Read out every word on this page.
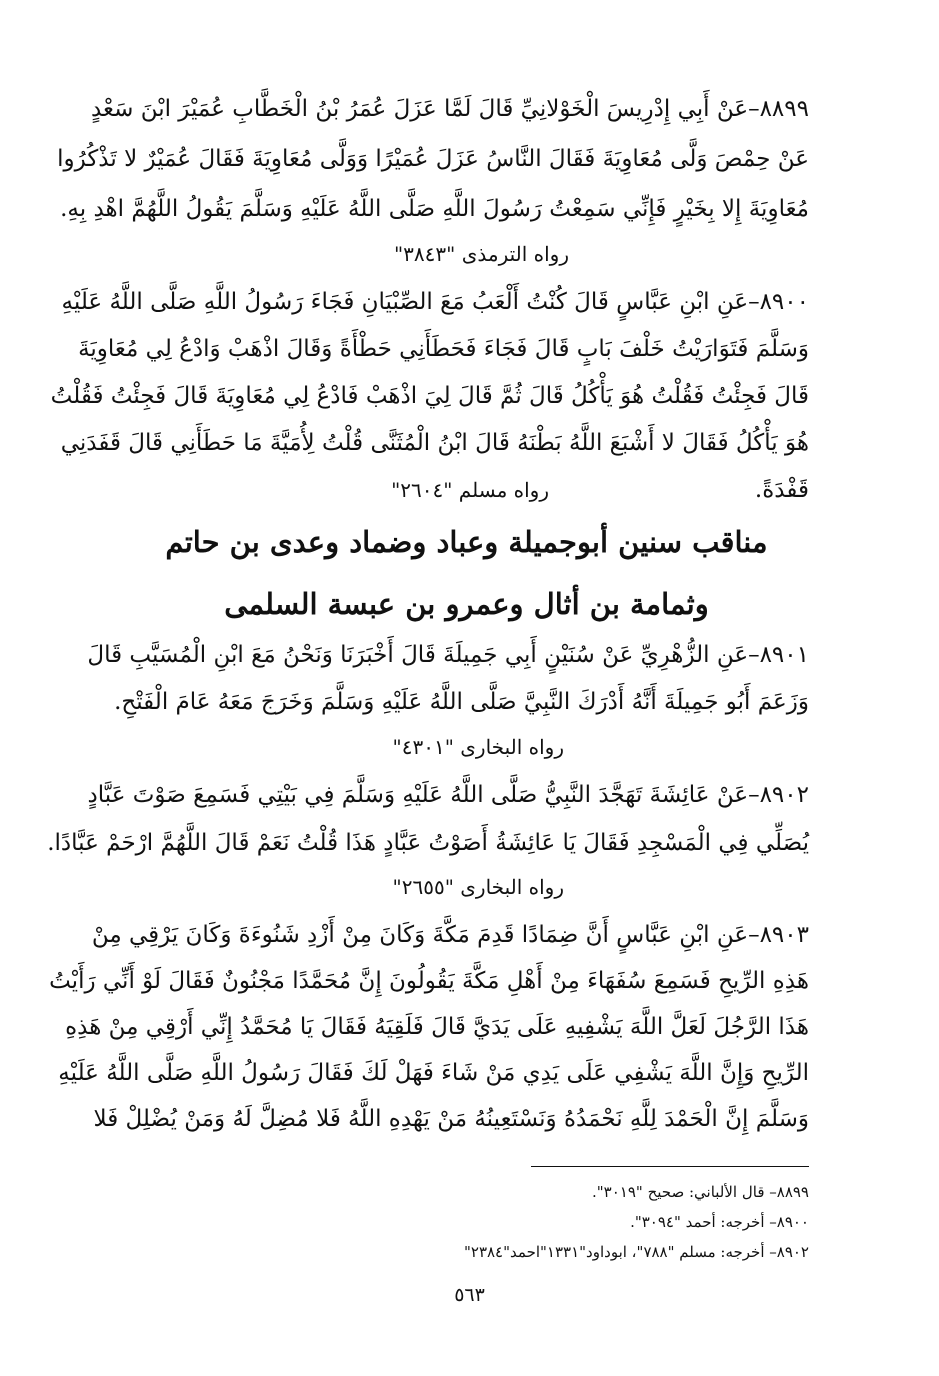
٨٨٩٩–عَنْ أَبِي إِدْرِيسَ الْخَوْلانِيِّ قَالَ لَمَّا عَزَلَ عُمَرُ بْنُ الْخَطَّابِ عُمَيْرَ ابْنَ سَعْدٍ
عَنْ حِمْصَ وَلَّى مُعَاوِيَةَ فَقَالَ النَّاسُ عَزَلَ عُمَيْرًا وَوَلَّى مُعَاوِيَةَ فَقَالَ عُمَيْرٌ لا تَذْكُرُوا
مُعَاوِيَةَ إِلا بِخَيْرٍ فَإِنِّي سَمِعْتُ رَسُولَ اللَّهِ صَلَّى اللَّهُ عَلَيْهِ وَسَلَّمَ يَقُولُ اللَّهُمَّ اهْدِ بِهِ.
رواه الترمذى "٣٨٤٣"
٨٩٠٠–عَنِ ابْنِ عَبَّاسٍ قَالَ كُنْتُ أَلْعَبُ مَعَ الصِّبْيَانِ فَجَاءَ رَسُولُ اللَّهِ صَلَّى اللَّهُ عَلَيْهِ
وَسَلَّمَ فَتَوَارَيْتُ خَلْفَ بَابٍ قَالَ فَجَاءَ فَحَطَأَنِي حَطْأَةً وَقَالَ اذْهَبْ وَادْعُ لِي مُعَاوِيَةَ
قَالَ فَجِئْتُ فَقُلْتُ هُوَ يَأْكُلُ قَالَ ثُمَّ قَالَ لِيَ اذْهَبْ فَادْعُ لِي مُعَاوِيَةَ قَالَ فَجِئْتُ فَقُلْتُ
هُوَ يَأْكُلُ فَقَالَ لا أَشْبَعَ اللَّهُ بَطْنَهُ قَالَ ابْنُ الْمُثَنَّى قُلْتُ لِأُمَيَّةَ مَا حَطَأَنِي قَالَ قَفَدَنِي
قَفْدَةً.
رواه مسلم "٢٦٠٤"
مناقب سنين أبوجميلة وعباد وضماد وعدى بن حاتم
وثمامة بن أثال وعمرو بن عبسة السلمى
٨٩٠١–عَنِ الزُّهْرِيِّ عَنْ سُنَيْنٍ أَبِي جَمِيلَةَ قَالَ أَخْبَرَنَا وَنَحْنُ مَعَ ابْنِ الْمُسَيَّبِ قَالَ
وَزَعَمَ أَبُو جَمِيلَةَ أَنَّهُ أَدْرَكَ النَّبِيَّ صَلَّى اللَّهُ عَلَيْهِ وَسَلَّمَ وَخَرَجَ مَعَهُ عَامَ الْفَتْحِ.
رواه البخارى "٤٣٠١"
٨٩٠٢–عَنْ عَائِشَةَ تَهَجَّدَ النَّبِيُّ صَلَّى اللَّهُ عَلَيْهِ وَسَلَّمَ فِي بَيْتِي فَسَمِعَ صَوْتَ عَبَّادٍ
يُصَلِّي فِي الْمَسْجِدِ فَقَالَ يَا عَائِشَةُ أَصَوْتُ عَبَّادٍ هَذَا قُلْتُ نَعَمْ قَالَ اللَّهُمَّ ارْحَمْ عَبَّادًا.
رواه البخارى "٢٦٥٥"
٨٩٠٣–عَنِ ابْنِ عَبَّاسٍ أَنَّ ضِمَادًا قَدِمَ مَكَّةَ وَكَانَ مِنْ أَزْدِ شَنُوءَةَ وَكَانَ يَرْقِي مِنْ
هَذِهِ الرِّيحِ فَسَمِعَ سُفَهَاءَ مِنْ أَهْلِ مَكَّةَ يَقُولُونَ إِنَّ مُحَمَّدًا مَجْنُونٌ فَقَالَ لَوْ أَنِّي رَأَيْتُ
هَذَا الرَّجُلَ لَعَلَّ اللَّهَ يَشْفِيهِ عَلَى يَدَيَّ قَالَ فَلَقِيَهُ فَقَالَ يَا مُحَمَّدُ إِنِّي أَرْقِي مِنْ هَذِهِ
الرِّيحِ وَإِنَّ اللَّهَ يَشْفِي عَلَى يَدِي مَنْ شَاءَ فَهَلْ لَكَ فَقَالَ رَسُولُ اللَّهِ صَلَّى اللَّهُ عَلَيْهِ
وَسَلَّمَ إِنَّ الْحَمْدَ لِلَّهِ نَحْمَدُهُ وَنَسْتَعِينُهُ مَنْ يَهْدِهِ اللَّهُ فَلا مُضِلَّ لَهُ وَمَنْ يُضْلِلْ فَلا
٨٨٩٩– قال الألباني: صحيح "٣٠١٩".
٨٩٠٠– أخرجه: أحمد "٣٠٩٤".
٨٩٠٢– أخرجه: مسلم "٧٨٨"، ابوداود"١٣٣١"احمد"٢٣٨٤"
٥٦٣
